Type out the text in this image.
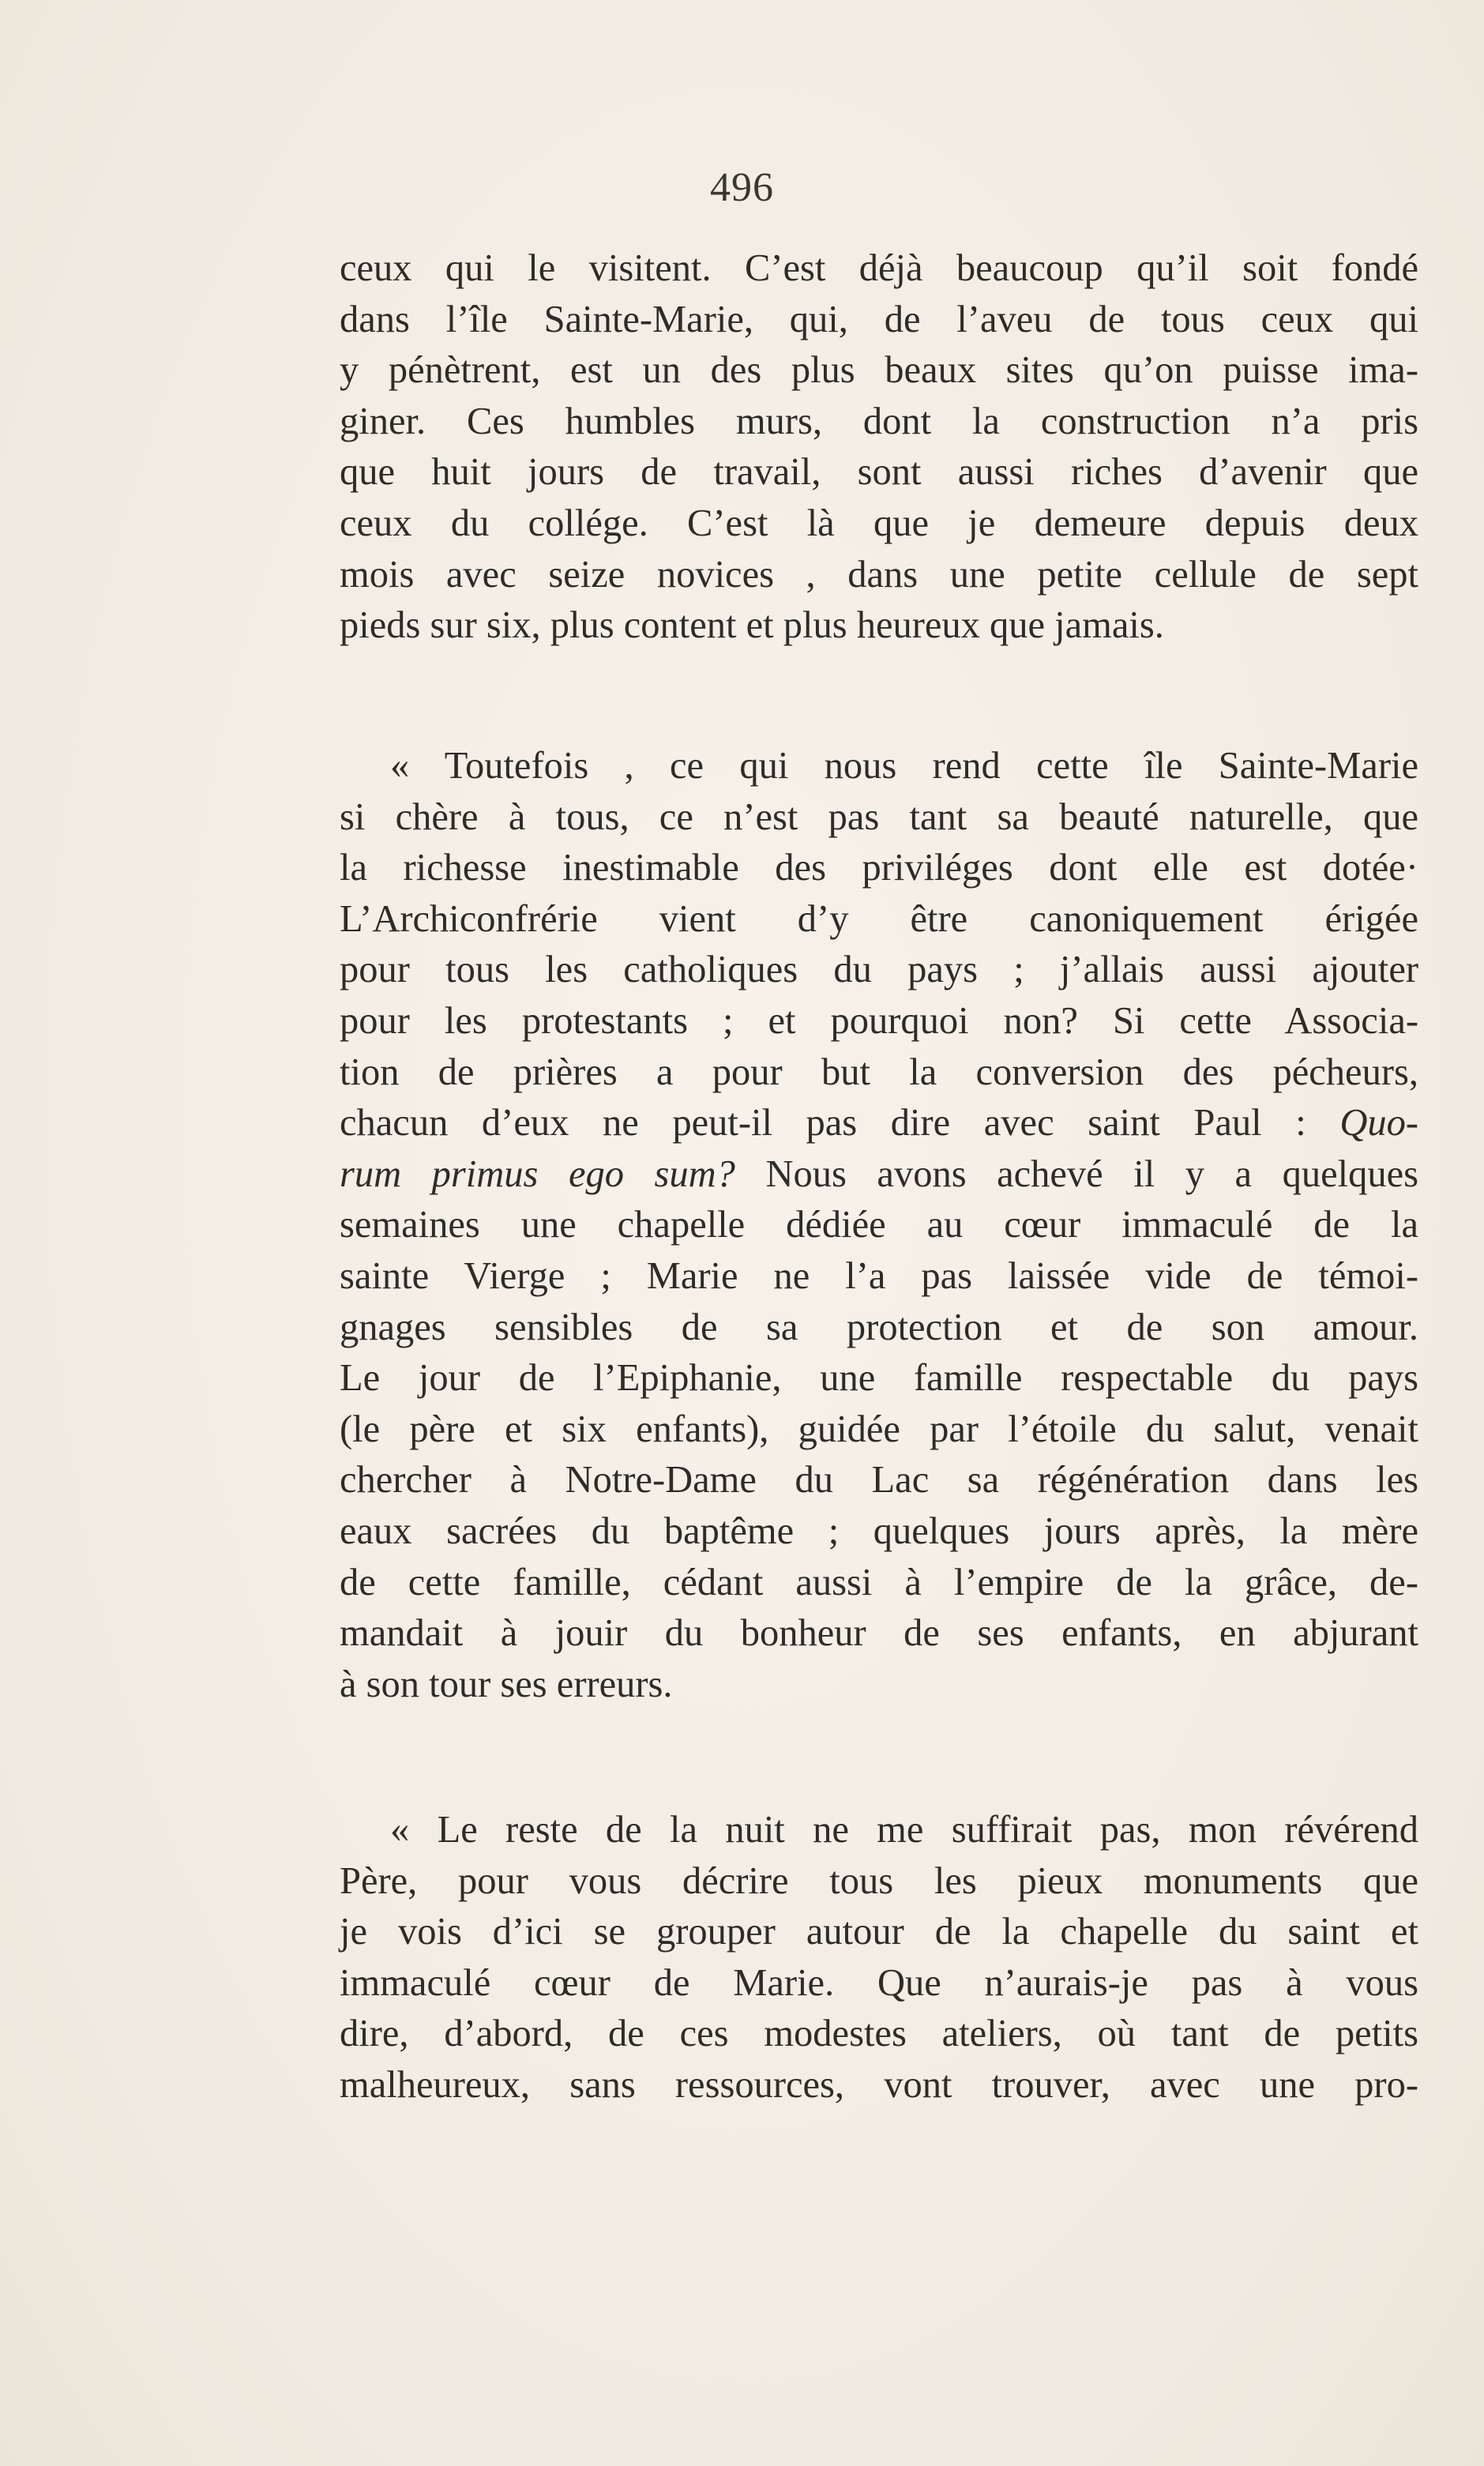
496
ceux qui le visitent. C’est déjà beaucoup qu’il soit fondé
dans l’île Sainte-Marie, qui, de l’aveu de tous ceux qui
y pénètrent, est un des plus beaux sites qu’on puisse ima-
giner. Ces humbles murs, dont la construction n’a pris
que huit jours de travail, sont aussi riches d’avenir que
ceux du collége. C’est là que je demeure depuis deux
mois avec seize novices , dans une petite cellule de sept
pieds sur six, plus content et plus heureux que jamais.
« Toutefois , ce qui nous rend cette île Sainte-Marie
si chère à tous, ce n’est pas tant sa beauté naturelle, que
la richesse inestimable des priviléges dont elle est dotée·
L’Archiconfrérie vient d’y être canoniquement érigée
pour tous les catholiques du pays ; j’allais aussi ajouter
pour les protestants ; et pourquoi non? Si cette Associa-
tion de prières a pour but la conversion des pécheurs,
chacun d’eux ne peut-il pas dire avec saint Paul : Quo-
rum primus ego sum? Nous avons achevé il y a quelques
semaines une chapelle dédiée au cœur immaculé de la
sainte Vierge ; Marie ne l’a pas laissée vide de témoi-
gnages sensibles de sa protection et de son amour.
Le jour de l’Epiphanie, une famille respectable du pays
(le père et six enfants), guidée par l’étoile du salut, venait
chercher à Notre-Dame du Lac sa régénération dans les
eaux sacrées du baptême ; quelques jours après, la mère
de cette famille, cédant aussi à l’empire de la grâce, de-
mandait à jouir du bonheur de ses enfants, en abjurant
à son tour ses erreurs.
« Le reste de la nuit ne me suffirait pas, mon révérend
Père, pour vous décrire tous les pieux monuments que
je vois d’ici se grouper autour de la chapelle du saint et
immaculé cœur de Marie. Que n’aurais-je pas à vous
dire, d’abord, de ces modestes ateliers, où tant de petits
malheureux, sans ressources, vont trouver, avec une pro-
